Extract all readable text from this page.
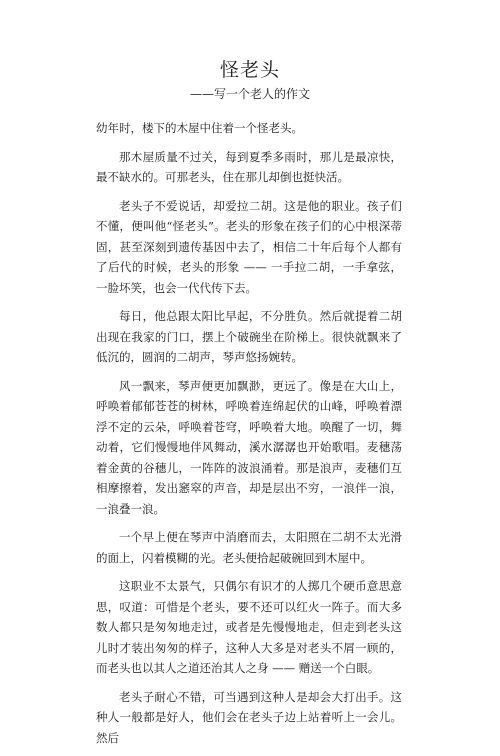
怪老头
——写一个老人的作文

幼年时，楼下的木屋中住着一个怪老头。

那木屋质量不过关，每到夏季多雨时，那儿是最凉快，最不缺水的。可那老头，住在那儿却倒也挺快活。

老头子不爱说话，却爱拉二胡。这是他的职业。孩子们不懂，便叫他“怪老头”。老头的形象在孩子们的心中根深蒂固，甚至深刻到遗传基因中去了，相信二十年后每个人都有了后代的时候，老头的形象 —— 一手拉二胡，一手拿弦，一脸坏笑，也会一代代传下去。

每日，他总跟太阳比早起，不分胜负。然后就提着二胡出现在我家的门口，摆上个破碗坐在阶梯上。很快就飘来了低沉的，圆润的二胡声，琴声悠扬婉转。

风一飘来，琴声便更加飘渺，更远了。像是在大山上，呼唤着郁郁苍苍的树林，呼唤着连绵起伏的山峰，呼唤着漂浮不定的云朵，呼唤着苍穹，呼唤着大地。唤醒了一切，舞动着，它们慢慢地伴风舞动，溪水潺潺也开始歌唱。麦穗荡着金黄的谷穗儿，一阵阵的波浪涌着。那是浪声，麦穗们互相摩擦着，发出窸窣的声音，却是层出不穷，一浪伴一浪，一浪叠一浪。

一个早上便在琴声中消磨而去，太阳照在二胡不太光滑的面上，闪着模糊的光。老头便拾起破碗回到木屋中。

这职业不太景气，只偶尔有识才的人掷几个硬币意思意思，叹道：可惜是个老头，要不还可以红火一阵子。而大多数人都只是匆匆地走过，或者是先慢慢地走，但走到老头这儿时才装出匆匆的样子，这种人大多是对老头不屑一顾的，而老头也以其人之道还治其人之身 —— 赠送一个白眼。

老头子耐心不错，可当遇到这种人是却会大打出手。这种人一般都是好人，他们会在老头子边上站着听上一会儿。然后
